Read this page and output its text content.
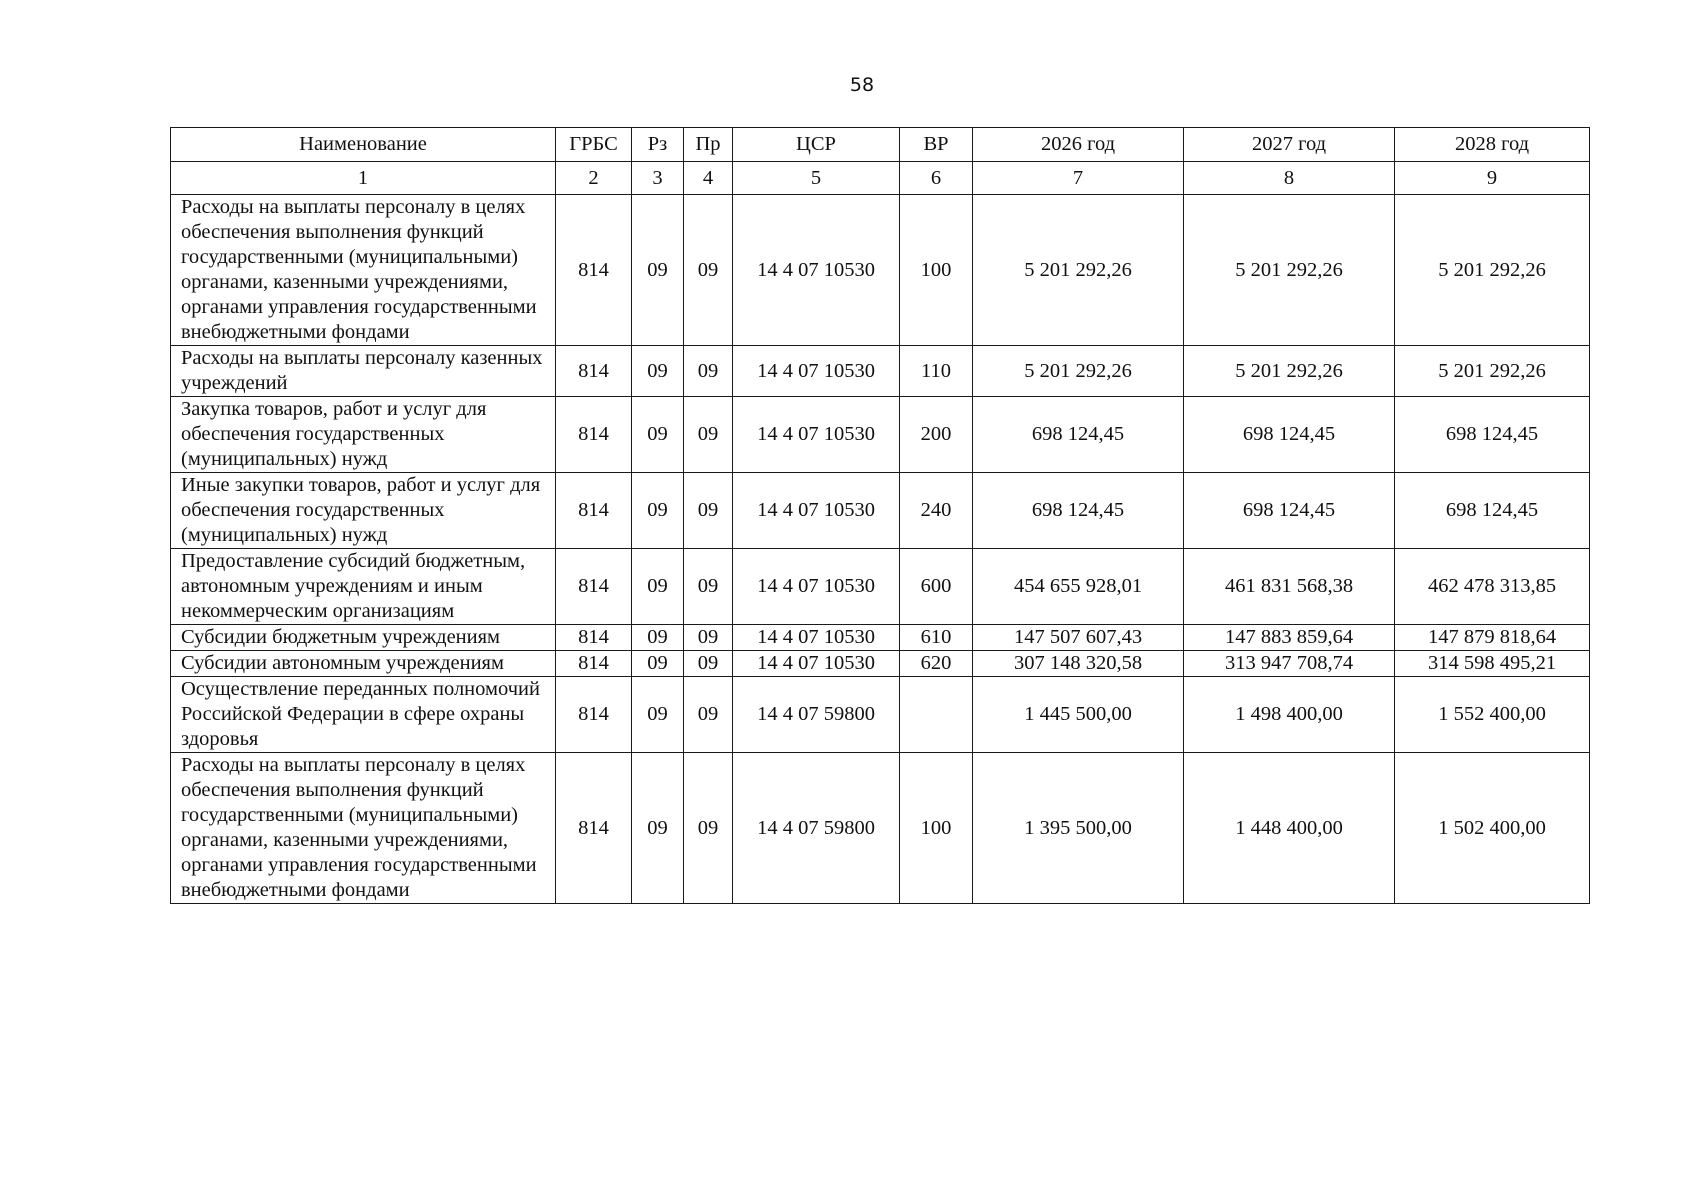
58
Наименование	ГРБС	Рз	Пр	ЦСР	ВР	2026 год	2027 год	2028 год
1	2	3	4	5	6	7	8	9
Расходы на выплаты персоналу в целях обеспечения выполнения функций государственными (муниципальными) органами, казенными учреждениями, органами управления государственными внебюджетными фондами	814	09	09	14 4 07 10530	100	5 201 292,26	5 201 292,26	5 201 292,26
Расходы на выплаты персоналу казенных учреждений	814	09	09	14 4 07 10530	110	5 201 292,26	5 201 292,26	5 201 292,26
Закупка товаров, работ и услуг для обеспечения государственных (муниципальных) нужд	814	09	09	14 4 07 10530	200	698 124,45	698 124,45	698 124,45
Иные закупки товаров, работ и услуг для обеспечения государственных (муниципальных) нужд	814	09	09	14 4 07 10530	240	698 124,45	698 124,45	698 124,45
Предоставление субсидий бюджетным, автономным учреждениям и иным некоммерческим организациям	814	09	09	14 4 07 10530	600	454 655 928,01	461 831 568,38	462 478 313,85
Субсидии бюджетным учреждениям	814	09	09	14 4 07 10530	610	147 507 607,43	147 883 859,64	147 879 818,64
Субсидии автономным учреждениям	814	09	09	14 4 07 10530	620	307 148 320,58	313 947 708,74	314 598 495,21
Осуществление переданных полномочий Российской Федерации в сфере охраны здоровья	814	09	09	14 4 07 59800		1 445 500,00	1 498 400,00	1 552 400,00
Расходы на выплаты персоналу в целях обеспечения выполнения функций государственными (муниципальными) органами, казенными учреждениями, органами управления государственными внебюджетными фондами	814	09	09	14 4 07 59800	100	1 395 500,00	1 448 400,00	1 502 400,00
